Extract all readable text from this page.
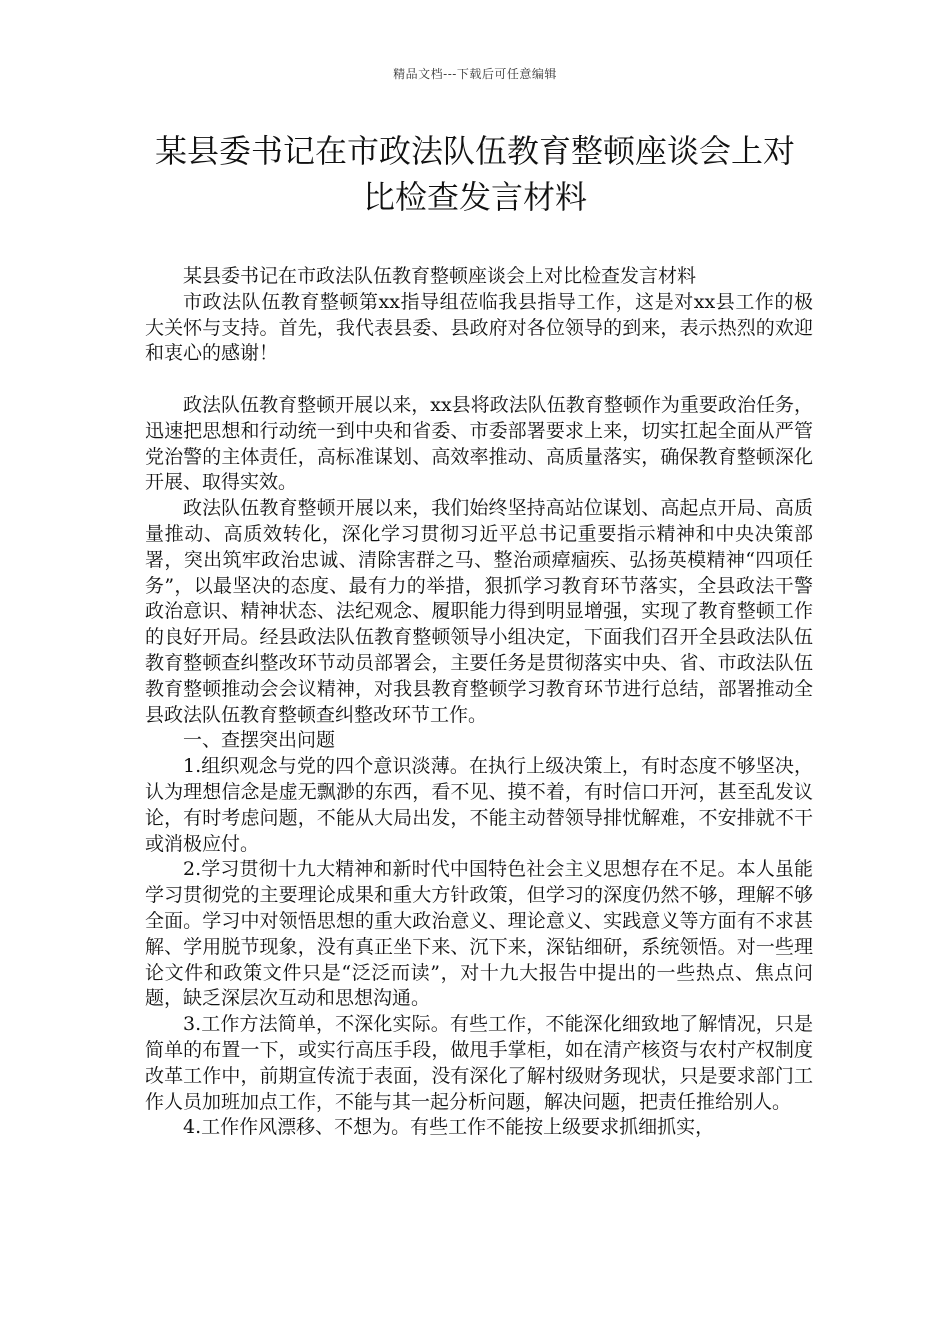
精品文档---下载后可任意编辑
某县委书记在市政法队伍教育整顿座谈会上对比检查发言材料

某县委书记在市政法队伍教育整顿座谈会上对比检查发言材料

市政法队伍教育整顿第xx指导组莅临我县指导工作，这是对xx县工作的极大关怀与支持。首先，我代表县委、县政府对各位领导的到来，表示热烈的欢迎和衷心的感谢！

政法队伍教育整顿开展以来，xx县将政法队伍教育整顿作为重要政治任务，迅速把思想和行动统一到中央和省委、市委部署要求上来，切实扛起全面从严管党治警的主体责任，高标准谋划、高效率推动、高质量落实，确保教育整顿深化开展、取得实效。

政法队伍教育整顿开展以来，我们始终坚持高站位谋划、高起点开局、高质量推动、高质效转化，深化学习贯彻习近平总书记重要指示精神和中央决策部署，突出筑牢政治忠诚、清除害群之马、整治顽瘴痼疾、弘扬英模精神“四项任务”，以最坚决的态度、最有力的举措，狠抓学习教育环节落实，全县政法干警政治意识、精神状态、法纪观念、履职能力得到明显增强，实现了教育整顿工作的良好开局。经县政法队伍教育整顿领导小组决定，下面我们召开全县政法队伍教育整顿查纠整改环节动员部署会，主要任务是贯彻落实中央、省、市政法队伍教育整顿推动会会议精神，对我县教育整顿学习教育环节进行总结，部署推动全县政法队伍教育整顿查纠整改环节工作。

一、查摆突出问题

1.组织观念与党的四个意识淡薄。在执行上级决策上，有时态度不够坚决，认为理想信念是虚无飘渺的东西，看不见、摸不着，有时信口开河，甚至乱发议论，有时考虑问题，不能从大局出发，不能主动替领导排忧解难，不安排就不干或消极应付。

2.学习贯彻十九大精神和新时代中国特色社会主义思想存在不足。本人虽能学习贯彻党的主要理论成果和重大方针政策，但学习的深度仍然不够，理解不够全面。学习中对领悟思想的重大政治意义、理论意义、实践意义等方面有不求甚解、学用脱节现象，没有真正坐下来、沉下来，深钻细研，系统领悟。对一些理论文件和政策文件只是“泛泛而读”，对十九大报告中提出的一些热点、焦点问题，缺乏深层次互动和思想沟通。

3.工作方法简单，不深化实际。有些工作，不能深化细致地了解情况，只是简单的布置一下，或实行高压手段，做甩手掌柜，如在清产核资与农村产权制度改革工作中，前期宣传流于表面，没有深化了解村级财务现状，只是要求部门工作人员加班加点工作，不能与其一起分析问题，解决问题，把责任推给别人。

4.工作作风漂移、不想为。有些工作不能按上级要求抓细抓实，
